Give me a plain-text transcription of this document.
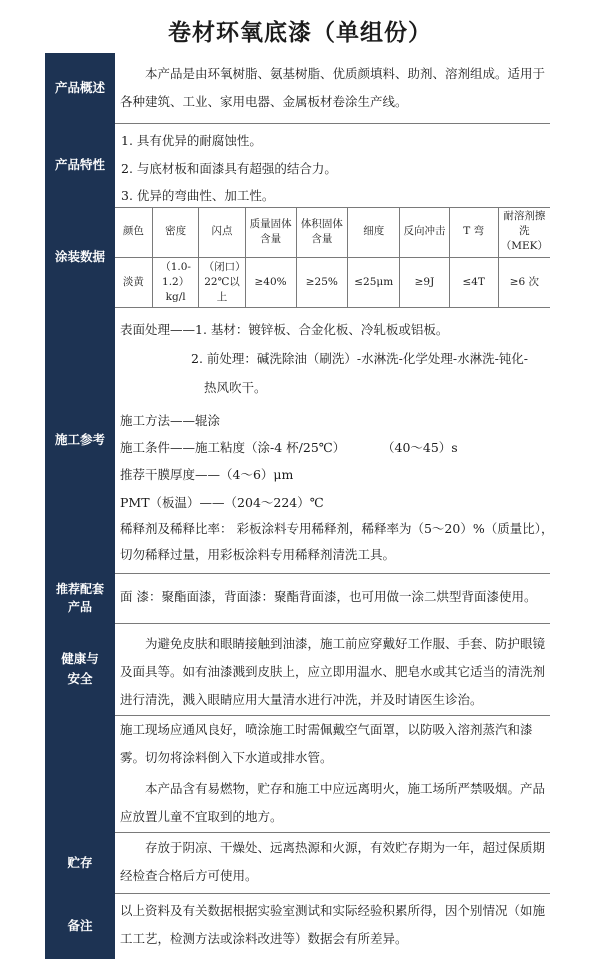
卷材环氧底漆（单组份）
产品概述
本产品是由环氧树脂、氨基树脂、优质颜填料、助剂、溶剂组成。适用于各种建筑、工业、家用电器、金属板材卷涂生产线。
产品特性
1. 具有优异的耐腐蚀性。
2. 与底材板和面漆具有超强的结合力。
3. 优异的弯曲性、加工性。
涂装数据
颜色	密度	闪点	质量固体含量	体积固体含量	细度	反向冲击	T 弯	耐溶剂擦洗（MEK）
淡黄	（1.0-1.2）kg/l	（闭口）22℃以上	≥40%	≥25%	≤25μm	≥9J	≤4T	≥6 次
施工参考
表面处理——1. 基材：镀锌板、合金化板、冷轧板或铝板。
2. 前处理：碱洗除油（刷洗）-水淋洗-化学处理-水淋洗-钝化-
热风吹干。
施工方法——辊涂
施工条件——施工粘度（涂-4 杯/25℃）	（40～45）s
推荐干膜厚度——（4～6）μm
PMT（板温）——（204～224）℃
稀释剂及稀释比率： 彩板涂料专用稀释剂，稀释率为（5～20）%（质量比），
切勿稀释过量，用彩板涂料专用稀释剂清洗工具。
推荐配套产品
面 漆：聚酯面漆，背面漆：聚酯背面漆，也可用做一涂二烘型背面漆使用。
健康与安全
为避免皮肤和眼睛接触到油漆，施工前应穿戴好工作服、手套、防护眼镜及面具等。如有油漆溅到皮肤上，应立即用温水、肥皂水或其它适当的清洗剂进行清洗，溅入眼睛应用大量清水进行冲洗，并及时请医生诊治。
施工现场应通风良好，喷涂施工时需佩戴空气面罩，以防吸入溶剂蒸汽和漆雾。切勿将涂料倒入下水道或排水管。
本产品含有易燃物，贮存和施工中应远离明火，施工场所严禁吸烟。产品应放置儿童不宜取到的地方。
贮存
存放于阴凉、干燥处、远离热源和火源，有效贮存期为一年，超过保质期经检查合格后方可使用。
备注
以上资料及有关数据根据实验室测试和实际经验积累所得，因个别情况（如施工工艺，检测方法或涂料改进等）数据会有所差异。
